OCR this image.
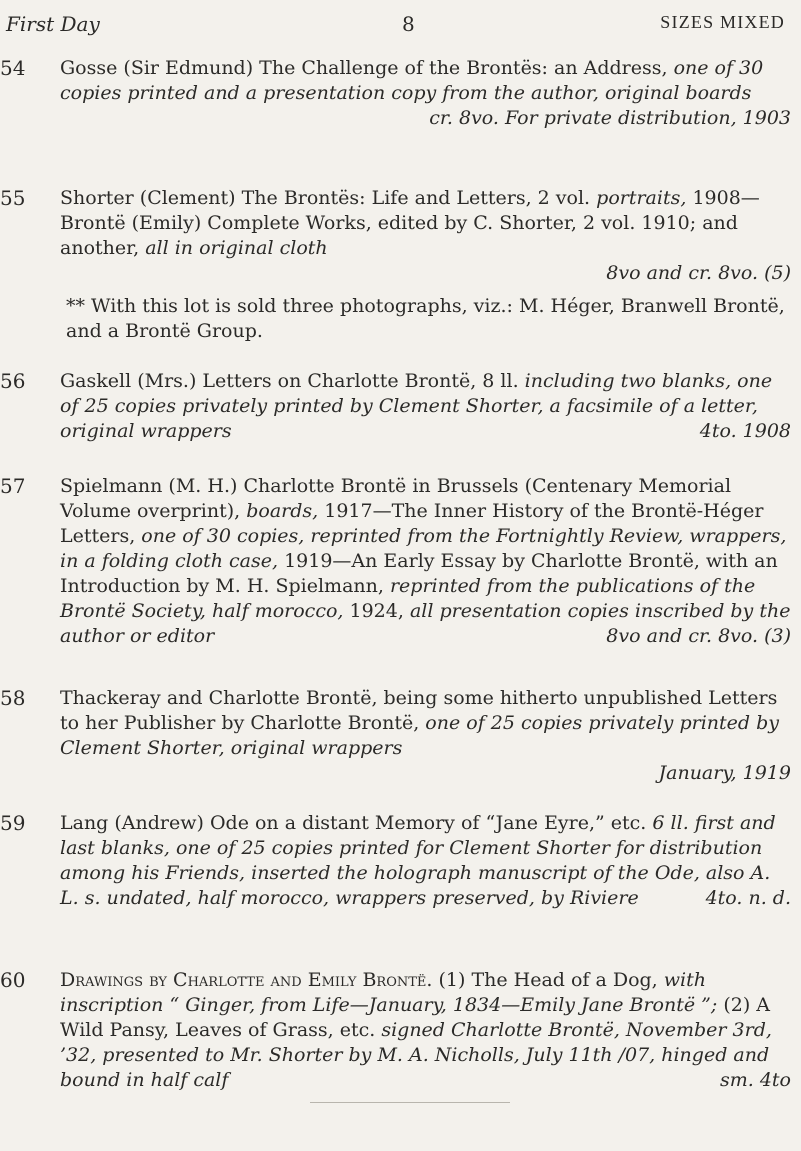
First Day	8	SIZES MIXED
54	Gosse (Sir Edmund) The Challenge of the Brontës: an Address, one of 30 copies printed and a presentation copy from the author, original boards
cr. 8vo. For private distribution, 1903

55	Shorter (Clement) The Brontës: Life and Letters, 2 vol. portraits, 1908—Brontë (Emily) Complete Works, edited by C. Shorter, 2 vol. 1910; and another, all in original cloth
8vo and cr. 8vo. (5)

** With this lot is sold three photographs, viz.: M. Héger, Branwell Brontë, and a Brontë Group.

56	Gaskell (Mrs.) Letters on Charlotte Brontë, 8 ll. including two blanks, one of 25 copies privately printed by Clement Shorter, a facsimile of a letter, original wrappers	4to. 1908

57	Spielmann (M. H.) Charlotte Brontë in Brussels (Centenary Memorial Volume overprint), boards, 1917—The Inner History of the Brontë-Héger Letters, one of 30 copies, reprinted from the Fortnightly Review, wrappers, in a folding cloth case, 1919—An Early Essay by Charlotte Brontë, with an Introduction by M. H. Spielmann, reprinted from the publications of the Brontë Society, half morocco, 1924, all presentation copies inscribed by the author or editor	8vo and cr. 8vo. (3)

58	Thackeray and Charlotte Brontë, being some hitherto unpublished Letters to her Publisher by Charlotte Brontë, one of 25 copies privately printed by Clement Shorter, original wrappers
January, 1919

59	Lang (Andrew) Ode on a distant Memory of “Jane Eyre,” etc. 6 ll. first and last blanks, one of 25 copies printed for Clement Shorter for distribution among his Friends, inserted the holograph manuscript of the Ode, also A. L. s. undated, half morocco, wrappers preserved, by Riviere	4to. n. d.

60	Drawings by Charlotte and Emily Brontë. (1) The Head of a Dog, with inscription “ Ginger, from Life—January, 1834—Emily Jane Brontë ”; (2) A Wild Pansy, Leaves of Grass, etc. signed Charlotte Brontë, November 3rd, ’32, presented to Mr. Shorter by M. A. Nicholls, July 11th /07, hinged and bound in half calf	sm. 4to
